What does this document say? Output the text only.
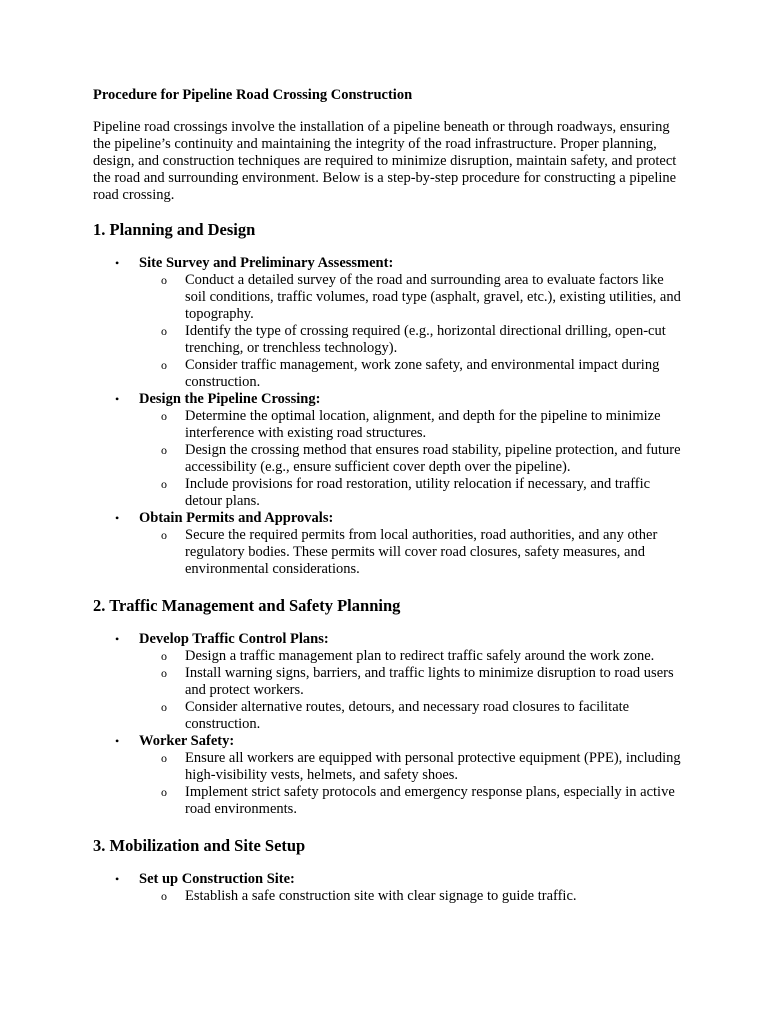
Procedure for Pipeline Road Crossing Construction

Pipeline road crossings involve the installation of a pipeline beneath or through roadways, ensuring the pipeline’s continuity and maintaining the integrity of the road infrastructure. Proper planning, design, and construction techniques are required to minimize disruption, maintain safety, and protect the road and surrounding environment. Below is a step-by-step procedure for constructing a pipeline road crossing.

1. Planning and Design
• Site Survey and Preliminary Assessment:
o Conduct a detailed survey of the road and surrounding area to evaluate factors like soil conditions, traffic volumes, road type (asphalt, gravel, etc.), existing utilities, and topography.
o Identify the type of crossing required (e.g., horizontal directional drilling, open-cut trenching, or trenchless technology).
o Consider traffic management, work zone safety, and environmental impact during construction.
• Design the Pipeline Crossing:
o Determine the optimal location, alignment, and depth for the pipeline to minimize interference with existing road structures.
o Design the crossing method that ensures road stability, pipeline protection, and future accessibility (e.g., ensure sufficient cover depth over the pipeline).
o Include provisions for road restoration, utility relocation if necessary, and traffic detour plans.
• Obtain Permits and Approvals:
o Secure the required permits from local authorities, road authorities, and any other regulatory bodies. These permits will cover road closures, safety measures, and environmental considerations.
2. Traffic Management and Safety Planning
• Develop Traffic Control Plans:
o Design a traffic management plan to redirect traffic safely around the work zone.
o Install warning signs, barriers, and traffic lights to minimize disruption to road users and protect workers.
o Consider alternative routes, detours, and necessary road closures to facilitate construction.
• Worker Safety:
o Ensure all workers are equipped with personal protective equipment (PPE), including high-visibility vests, helmets, and safety shoes.
o Implement strict safety protocols and emergency response plans, especially in active road environments.
3. Mobilization and Site Setup
• Set up Construction Site:
o Establish a safe construction site with clear signage to guide traffic.
